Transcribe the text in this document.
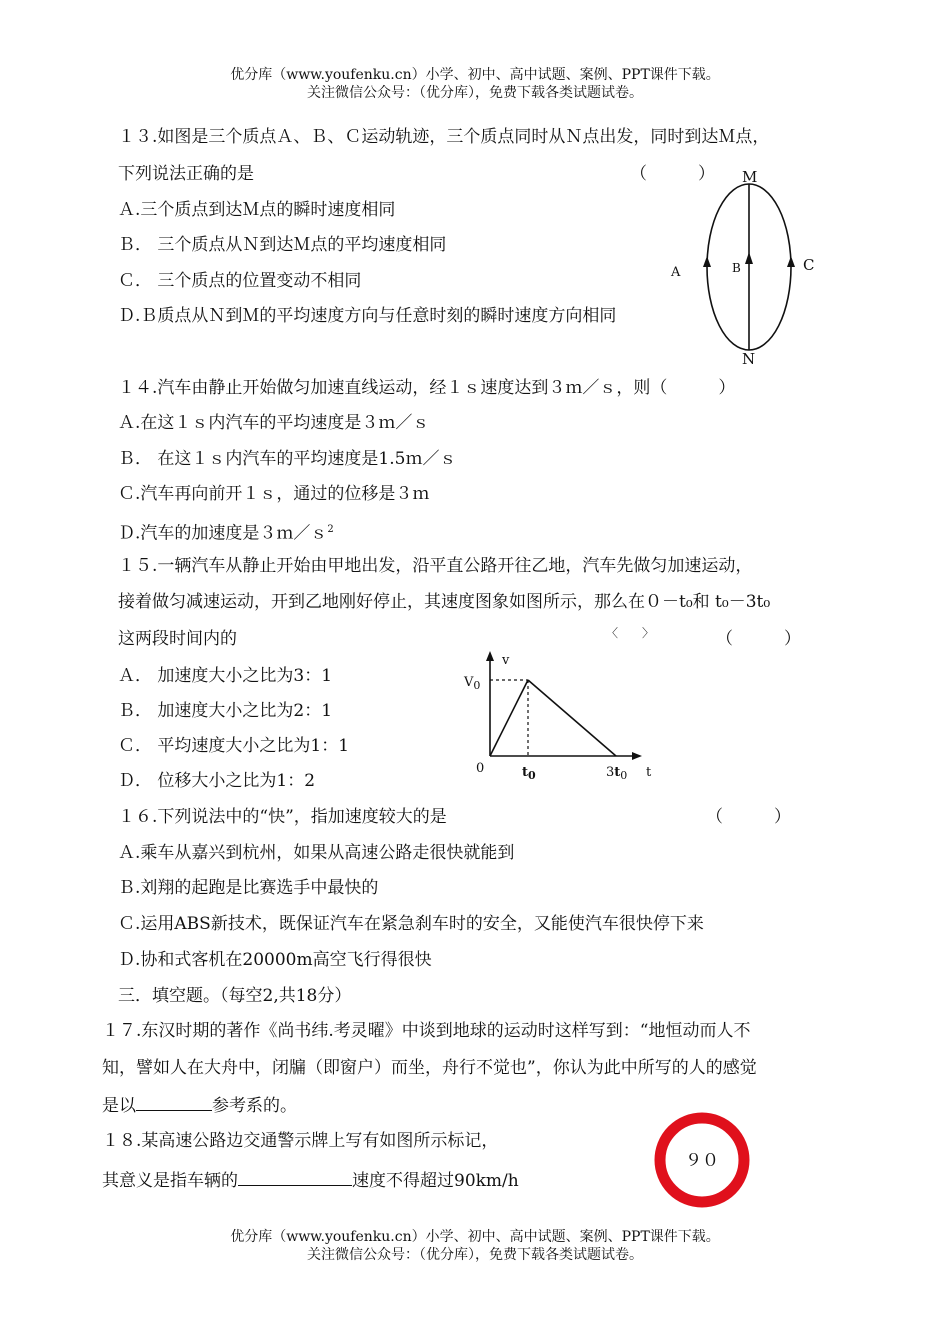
优分库（www.youfenku.cn）小学、初中、高中试题、案例、PPT课件下载。
关注微信公众号：（优分库），免费下载各类试题试卷。
１３.如图是三个质点Ａ、Ｂ、Ｃ运动轨迹，三个质点同时从Ｎ点出发，同时到达Ｍ点，
下列说法正确的是	（　　　）
Ａ.三个质点到达Ｍ点的瞬时速度相同
Ｂ． 三个质点从Ｎ到达Ｍ点的平均速度相同
Ｃ． 三个质点的位置变动不相同
Ｄ.Ｂ质点从Ｎ到Ｍ的平均速度方向与任意时刻的瞬时速度方向相同
M
N
A	B	C
１４.汽车由静止开始做匀加速直线运动，经１ｓ速度达到３ｍ／ｓ，则（　　　）
Ａ.在这１ｓ内汽车的平均速度是３ｍ／ｓ
Ｂ． 在这１ｓ内汽车的平均速度是1.5ｍ／ｓ
Ｃ.汽车再向前开１ｓ，通过的位移是３ｍ
Ｄ.汽车的加速度是３ｍ／ｓ$^2$
１５.一辆汽车从静止开始由甲地出发，沿平直公路开往乙地，汽车先做匀加速运动，
接着做匀减速运动，开到乙地刚好停止，其速度图象如图所示，那么在０－t₀和 t₀－3t₀
这两段时间内的	〈　　〉	（　　　）
Ａ． 加速度大小之比为3：1
Ｂ． 加速度大小之比为2：1
Ｃ． 平均速度大小之比为1：1
Ｄ． 位移大小之比为1：2
v
t
0
$V_0$
$t_0$	$3t_0$
１６.下列说法中的“快”，指加速度较大的是	（　　　）
Ａ.乘车从嘉兴到杭州，如果从高速公路走很快就能到
Ｂ.刘翔的起跑是比赛选手中最快的
Ｃ.运用ABS新技术，既保证汽车在紧急刹车时的安全，又能使汽车很快停下来
Ｄ.协和式客机在20000m高空飞行得很快
三．填空题。（每空2,共18分）
１７.东汉时期的著作《尚书纬.考灵曜》中谈到地球的运动时这样写到：“地恒动而人不
知，譬如人在大舟中，闭牖（即窗户）而坐，舟行不觉也”，你认为此中所写的人的感觉
是以	参考系的。
１８.某高速公路边交通警示牌上写有如图所示标记，
其意义是指车辆的	速度不得超过90km/h
９０
优分库（www.youfenku.cn）小学、初中、高中试题、案例、PPT课件下载。
关注微信公众号：（优分库），免费下载各类试题试卷。
